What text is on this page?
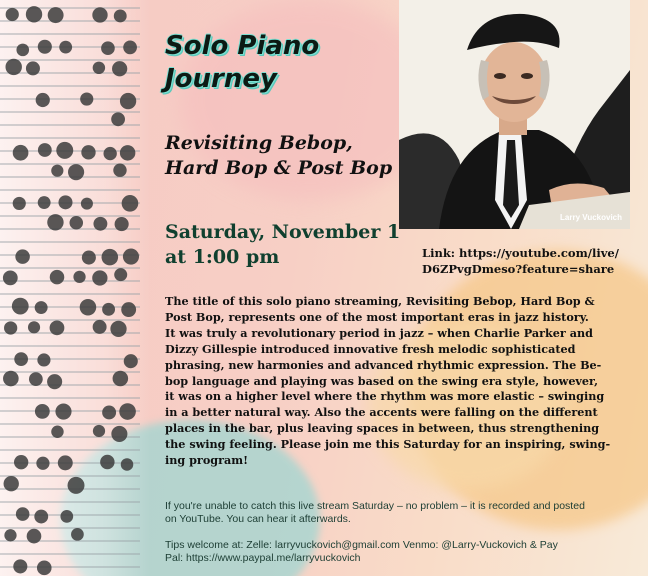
Larry Vuckovich
Solo Piano
Journey
Revisiting Bebop,
Hard Bop & Post Bop
Saturday, November 1
at 1:00 pm	Link: https://youtube.com/live/
D6ZPvgDmeso?feature=share
The title of this solo piano streaming, Revisiting Bebop, Hard Bop &
Post Bop, represents one of the most important eras in jazz history.
It was truly a revolutionary period in jazz – when Charlie Parker and
Dizzy Gillespie introduced innovative fresh melodic sophisticated
phrasing, new harmonies and advanced rhythmic expression. The Be-
bop language and playing was based on the swing era style, however,
it was on a higher level where the rhythm was more elastic – swinging
in a better natural way. Also the accents were falling on the different
places in the bar, plus leaving spaces in between, thus strengthening
the swing feeling. Please join me this Saturday for an inspiring, swing-
ing program!
If you're unable to catch this live stream Saturday – no problem – it is recorded and posted
on YouTube. You can hear it afterwards.
Tips welcome at: Zelle: larryvuckovich@gmail.com Venmo: @Larry-Vuckovich & Pay
Pal: https://www.paypal.me/larryvuckovich
